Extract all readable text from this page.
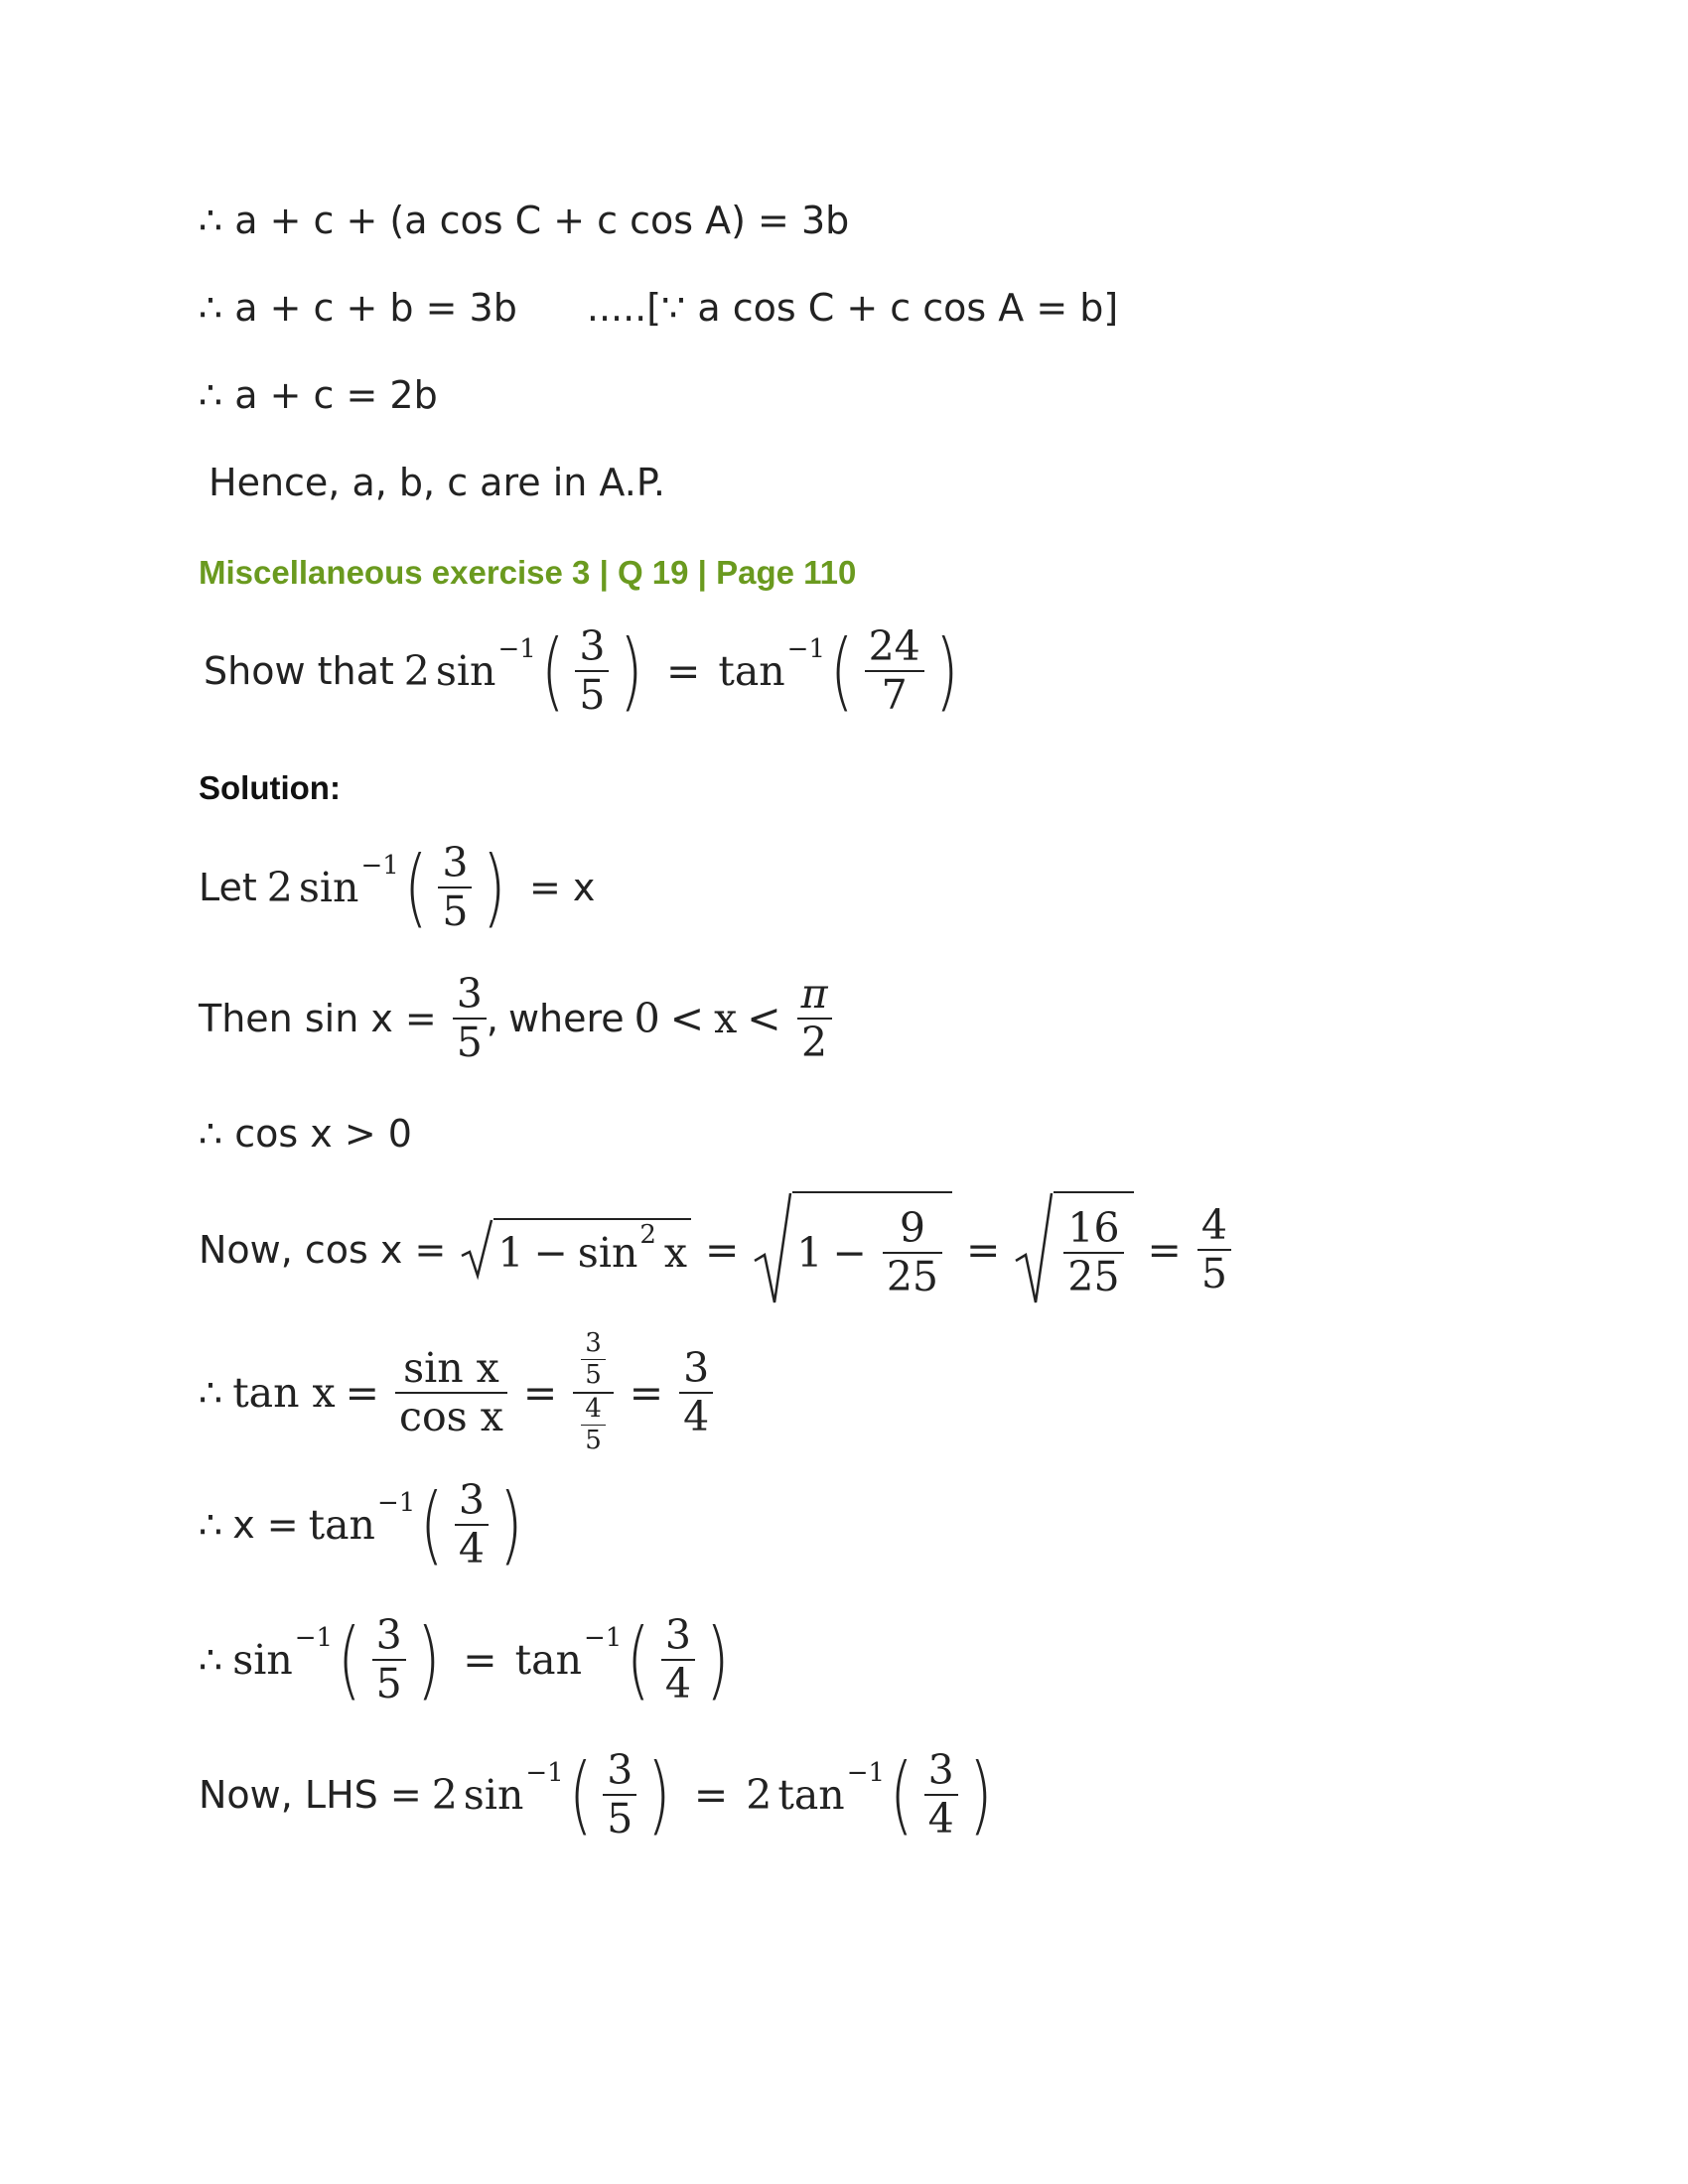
∴ a + c + (a cos C + c cos A) = 3b
∴ a + c + b = 3b .....[∵ a cos C + c cos A = b]
∴ a + c = 2b
Hence, a, b, c are in A.P.
Miscellaneous exercise 3 | Q 19 | Page 110
Show that 2 $\sin^{-1}$ ( $\frac{3}{5}$ ) = $\tan^{-1}$ ( $\frac{24}{7}$ )
Solution:
Let 2 $\sin^{-1}$ ( $\frac{3}{5}$ ) = x
Then $\sin x = \frac{3}{5}$ , where $0 < x < \frac{\pi}{2}$
∴ cos x > 0
Now, $\cos x = 1 - \sin^2 x = 1 - \frac{9}{25} = \frac{16}{25} = \frac{4}{5}$
∴ $\tan x = \frac{\text{sin x}}{\text{cos x}} = \frac{\frac{3}{5}}{\frac{4}{5}} = \frac{3}{4}$
∴ $x = \tan^{-1}$ ( $\frac{3}{4}$ )
∴ $\sin^{-1}$ ( $\frac{3}{5}$ ) = $\tan^{-1}$ ( $\frac{3}{4}$ )
Now, LHS = 2 $\sin^{-1}$ ( $\frac{3}{5}$ ) = 2 $\tan^{-1}$ ( $\frac{3}{4}$ )
